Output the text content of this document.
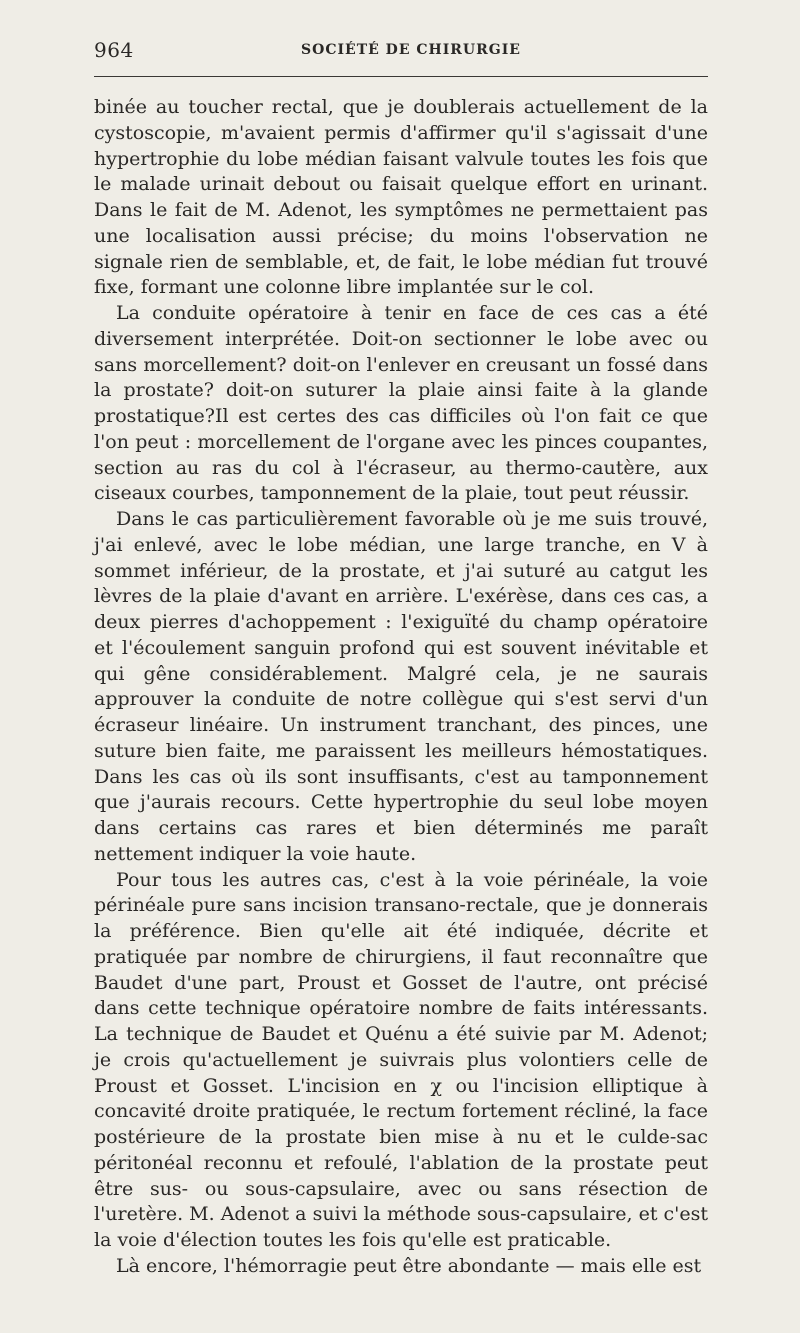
964	SOCIÉTÉ DE CHIRURGIE

binée au toucher rectal, que je doublerais actuellement de la cystoscopie, m'avaient permis d'affirmer qu'il s'agissait d'une hypertrophie du lobe médian faisant valvule toutes les fois que le malade urinait debout ou faisait quelque effort en urinant. Dans le fait de M. Adenot, les symptômes ne permettaient pas une localisation aussi précise; du moins l'observation ne signale rien de semblable, et, de fait, le lobe médian fut trouvé fixe, formant une colonne libre implantée sur le col.

La conduite opératoire à tenir en face de ces cas a été diversement interprétée. Doit-on sectionner le lobe avec ou sans morcellement? doit-on l'enlever en creusant un fossé dans la prostate? doit-on suturer la plaie ainsi faite à la glande prostatique?Il est certes des cas difficiles où l'on fait ce que l'on peut : morcellement de l'organe avec les pinces coupantes, section au ras du col à l'écraseur, au thermo-cautère, aux ciseaux courbes, tamponnement de la plaie, tout peut réussir.

Dans le cas particulièrement favorable où je me suis trouvé, j'ai enlevé, avec le lobe médian, une large tranche, en V à sommet inférieur, de la prostate, et j'ai suturé au catgut les lèvres de la plaie d'avant en arrière. L'exérèse, dans ces cas, a deux pierres d'achoppement : l'exiguïté du champ opératoire et l'écoulement sanguin profond qui est souvent inévitable et qui gêne considérablement. Malgré cela, je ne saurais approuver la conduite de notre collègue qui s'est servi d'un écraseur linéaire. Un instrument tranchant, des pinces, une suture bien faite, me paraissent les meilleurs hémostatiques. Dans les cas où ils sont insuffisants, c'est au tamponnement que j'aurais recours. Cette hypertrophie du seul lobe moyen dans certains cas rares et bien déterminés me paraît nettement indiquer la voie haute.

Pour tous les autres cas, c'est à la voie périnéale, la voie périnéale pure sans incision transano-rectale, que je donnerais la préférence. Bien qu'elle ait été indiquée, décrite et pratiquée par nombre de chirurgiens, il faut reconnaître que Baudet d'une part, Proust et Gosset de l'autre, ont précisé dans cette technique opératoire nombre de faits intéressants. La technique de Baudet et Quénu a été suivie par M. Adenot; je crois qu'actuellement je suivrais plus volontiers celle de Proust et Gosset. L'incision en χ ou l'incision elliptique à concavité droite pratiquée, le rectum fortement récliné, la face postérieure de la prostate bien mise à nu et le culde-sac péritonéal reconnu et refoulé, l'ablation de la prostate peut être sus- ou sous-capsulaire, avec ou sans résection de l'uretère. M. Adenot a suivi la méthode sous-capsulaire, et c'est la voie d'élection toutes les fois qu'elle est praticable.

Là encore, l'hémorragie peut être abondante — mais elle est
